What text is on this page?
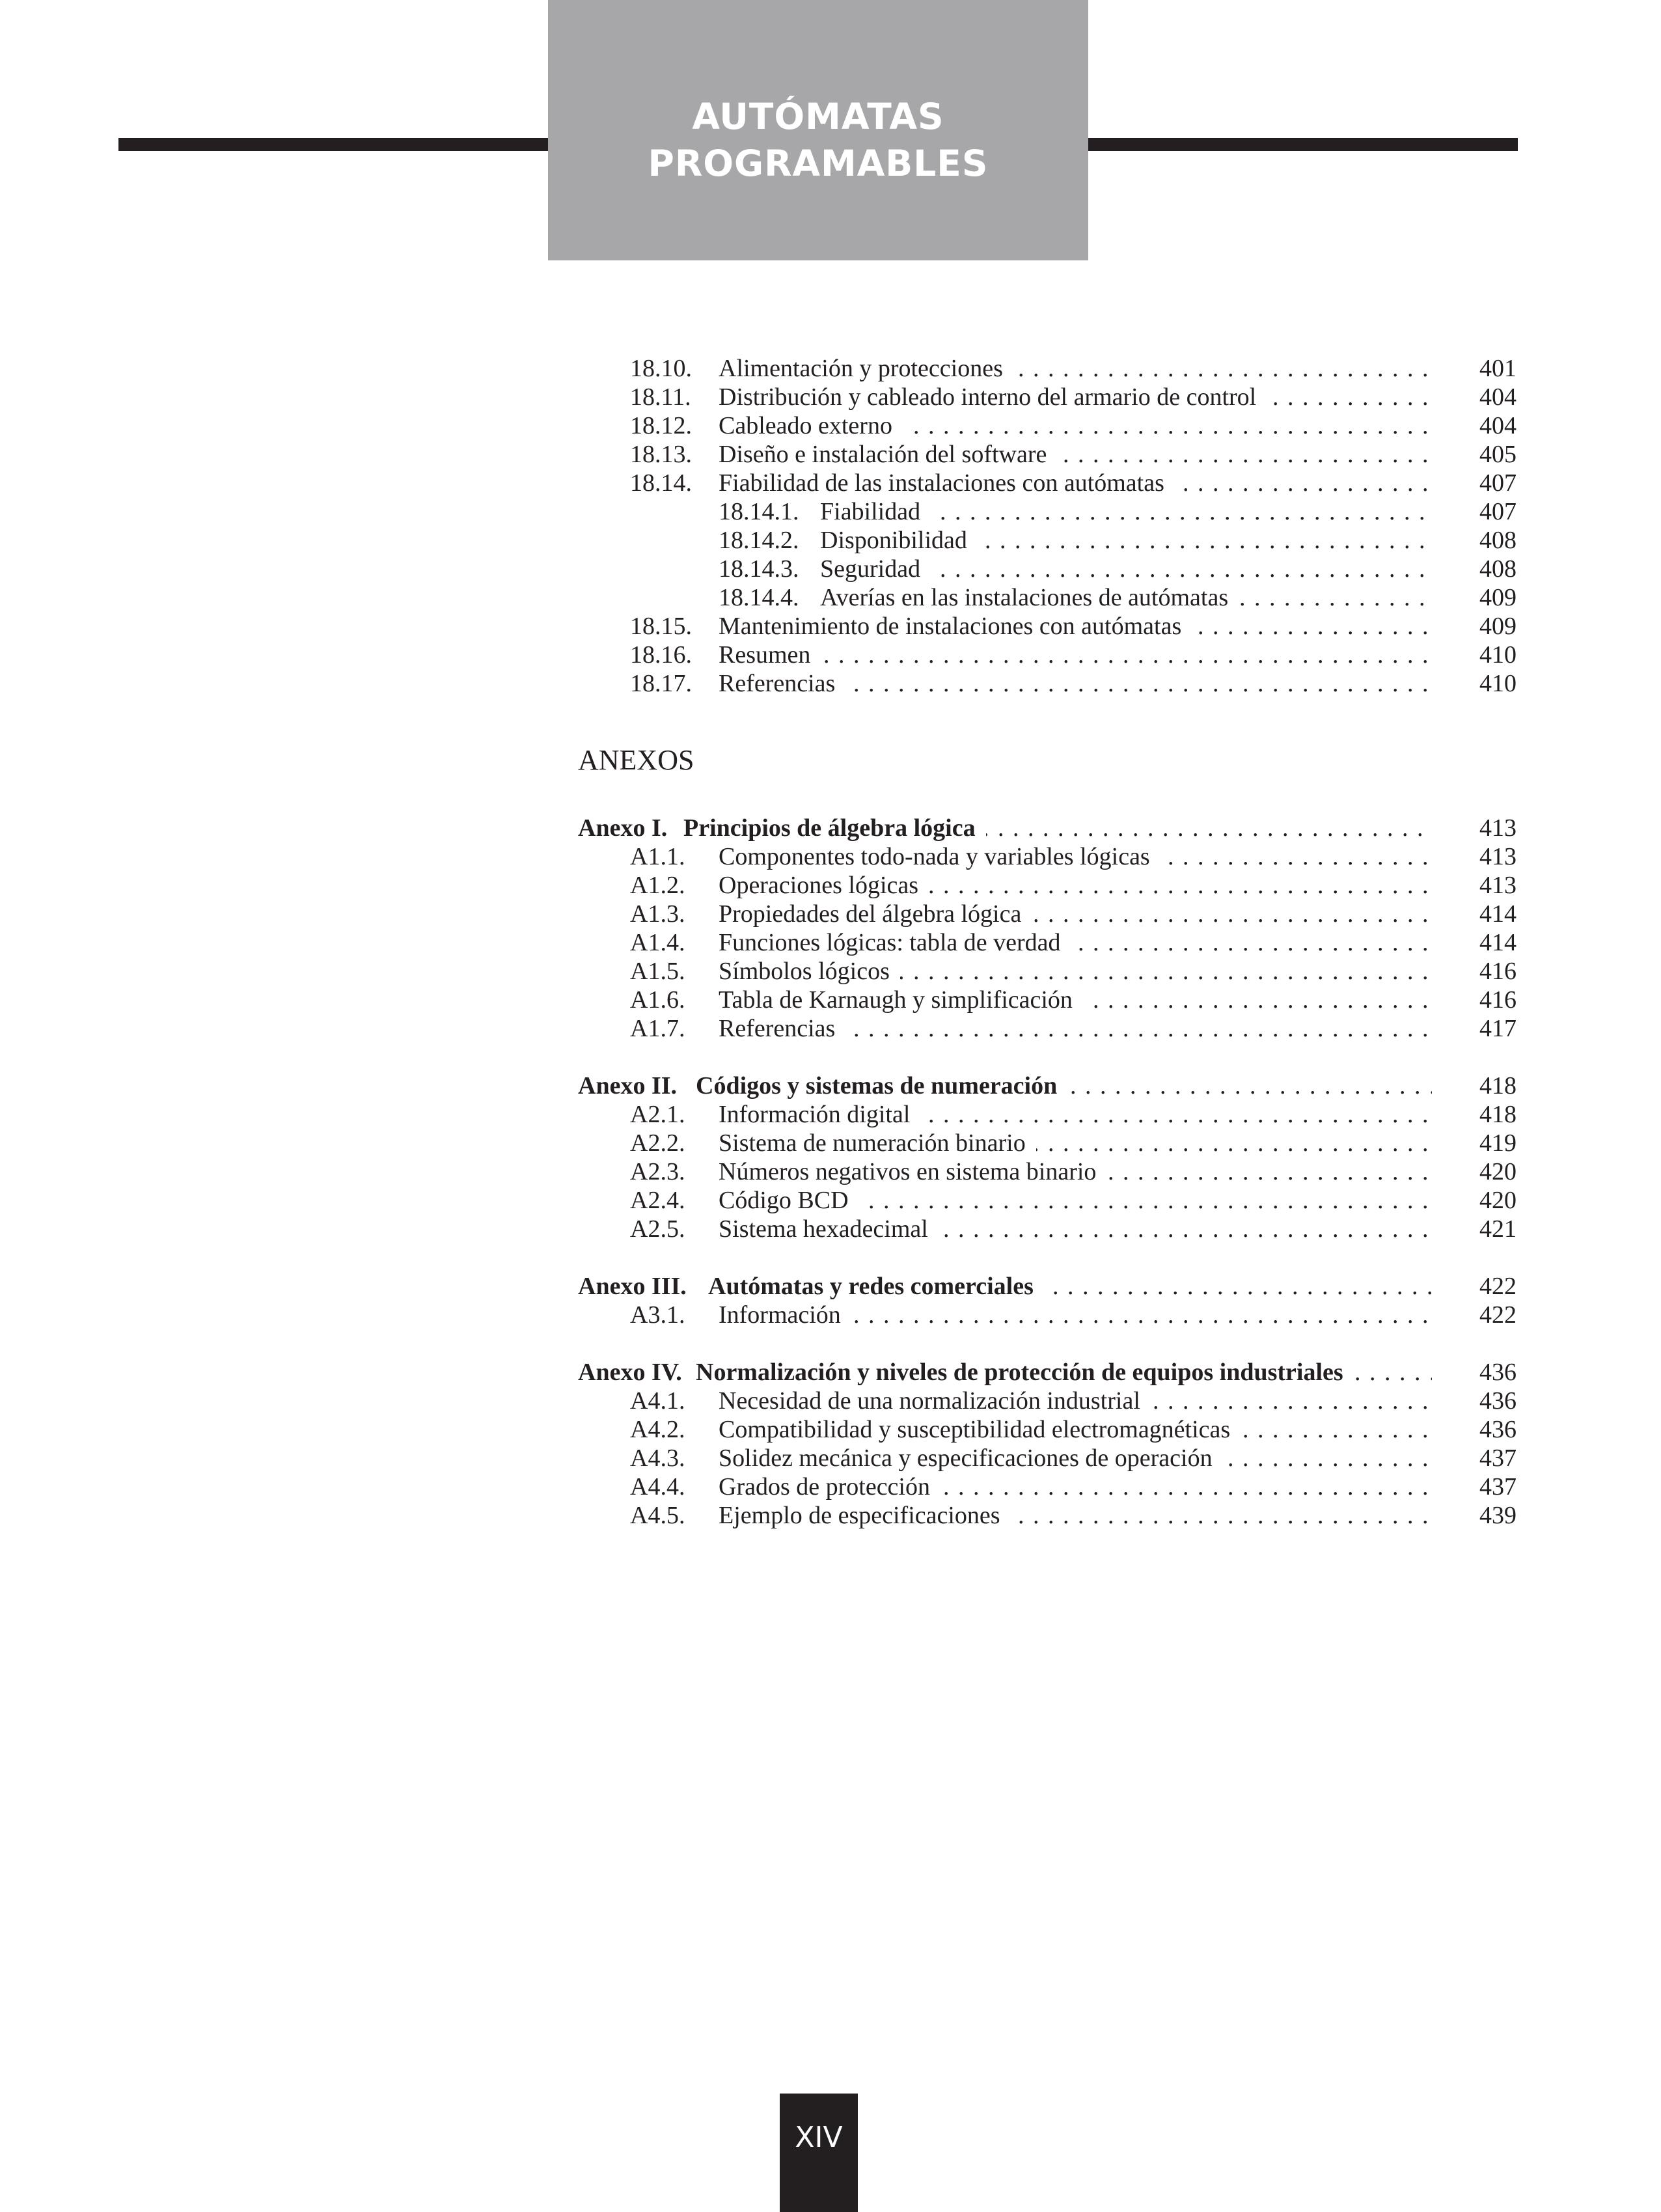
AUTÓMATAS
PROGRAMABLES
18.10. Alimentación y protecciones . . .	401
18.11. Distribución y cableado interno del armario de control . . .	404
18.12. Cableado externo . . .	404
18.13. Diseño e instalación del software . . .	405
18.14. Fiabilidad de las instalaciones con autómatas . . .	407
18.14.1. Fiabilidad . . .	407
18.14.2. Disponibilidad . . .	408
18.14.3. Seguridad . . .	408
18.14.4. Averías en las instalaciones de autómatas . . .	409
18.15. Mantenimiento de instalaciones con autómatas . . .	409
18.16. Resumen . . .	410
18.17. Referencias . . .	410
Anexo I. Principios de álgebra lógica . . .	413
A1.1. Componentes todo-nada y variables lógicas . . .	413
A1.2. Operaciones lógicas . . .	413
A1.3. Propiedades del álgebra lógica . . .	414
A1.4. Funciones lógicas: tabla de verdad . . .	414
A1.5. Símbolos lógicos . . .	416
A1.6. Tabla de Karnaugh y simplificación . . .	416
A1.7. Referencias . . .	417
Anexo II. Códigos y sistemas de numeración . . .	418
A2.1. Información digital . . .	418
A2.2. Sistema de numeración binario . . .	419
A2.3. Números negativos en sistema binario . . .	420
A2.4. Código BCD . . .	420
A2.5. Sistema hexadecimal . . .	421
Anexo III. Autómatas y redes comerciales . . .	422
A3.1. Información . . .	422
Anexo IV. Normalización y niveles de protección de equipos industriales . . .	436
A4.1. Necesidad de una normalización industrial . . .	436
A4.2. Compatibilidad y susceptibilidad electromagnéticas . . .	436
A4.3. Solidez mecánica y especificaciones de operación . . .	437
A4.4. Grados de protección . . .	437
A4.5. Ejemplo de especificaciones . . .	439
ANEXOS
XIV
